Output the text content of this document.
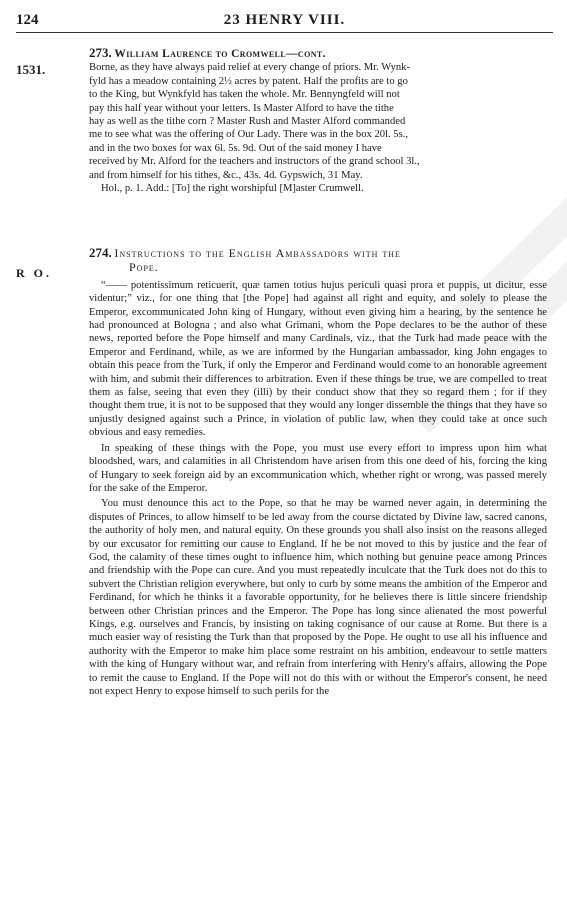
124	23 HENRY VIII.
1531.
R O.

273. William Laurence to Cromwell—cont.

Borne, as they have always paid relief at every change of priors. Mr. Wynk-
fyld has a meadow containing 2½ acres by patent. Half the profits are to go
to the King, but Wynkfyld has taken the whole. Mr. Bennyngfeld will not
pay this half year without your letters. Is Master Alford to have the tithe
hay as well as the tithe corn ? Master Rush and Master Alford commanded
me to see what was the offering of Our Lady. There was in the box 20l. 5s.,
and in the two boxes for wax 6l. 5s. 9d. Out of the said money I have
received by Mr. Alford for the teachers and instructors of the grand school 3l.,
and from himself for his tithes, &c., 43s. 4d. Gypswich, 31 May.
Hol., p. 1. Add.: [To] the right worshipful [M]aster Crumwell.
274. Instructions to the English Ambassadors with the
Pope.

“—— potentissimum reticuerit, quæ tamen totius hujus periculi quasi prora et puppis, ut dicitur, esse videntur;” viz., for one thing that [the Pope] had against all right and equity, and solely to please the Emperor, excommunicated John king of Hungary, without even giving him a hearing, by the sentence he had pronounced at Bologna ; and also what Grimani, whom the Pope declares to be the author of these news, reported before the Pope himself and many Cardinals, viz., that the Turk had made peace with the Emperor and Ferdinand, while, as we are informed by the Hungarian ambassador, king John engages to obtain this peace from the Turk, if only the Emperor and Ferdinand would come to an honorable agreement with him, and submit their differences to arbitration. Even if these things be true, we are compelled to treat them as false, seeing that even they (illi) by their conduct show that they so regard them ; for if they thought them true, it is not to be supposed that they would any longer dissemble the things that they have so unjustly designed against such a Prince, in violation of public law, when they could take at once such obvious and easy remedies.

In speaking of these things with the Pope, you must use every effort to impress upon him what bloodshed, wars, and calamities in all Christendom have arisen from this one deed of his, forcing the king of Hungary to seek foreign aid by an excommunication which, whether right or wrong, was passed merely for the sake of the Emperor.

You must denounce this act to the Pope, so that he may be warned never again, in determining the disputes of Princes, to allow himself to be led away from the course dictated by Divine law, sacred canons, the authority of holy men, and natural equity. On these grounds you shall also insist on the reasons alleged by our excusator for remitting our cause to England. If he be not moved to this by justice and the fear of God, the calamity of these times ought to influence him, which nothing but genuine peace among Princes and friendship with the Pope can cure. And you must repeatedly inculcate that the Turk does not do this to subvert the Christian religion everywhere, but only to curb by some means the ambition of the Emperor and Ferdinand, for which he thinks it a favorable opportunity, for he believes there is little sincere friendship between other Christian princes and the Emperor. The Pope has long since alienated the most powerful Kings, e.g. ourselves and Francis, by insisting on taking cognisance of our cause at Rome. But there is a much easier way of resisting the Turk than that proposed by the Pope. He ought to use all his influence and authority with the Emperor to make him place some restraint on his ambition, endeavour to settle matters with the king of Hungary without war, and refrain from interfering with Henry's affairs, allowing the Pope to remit the cause to England. If the Pope will not do this with or without the Emperor's consent, he need not expect Henry to expose himself to such perils for the
